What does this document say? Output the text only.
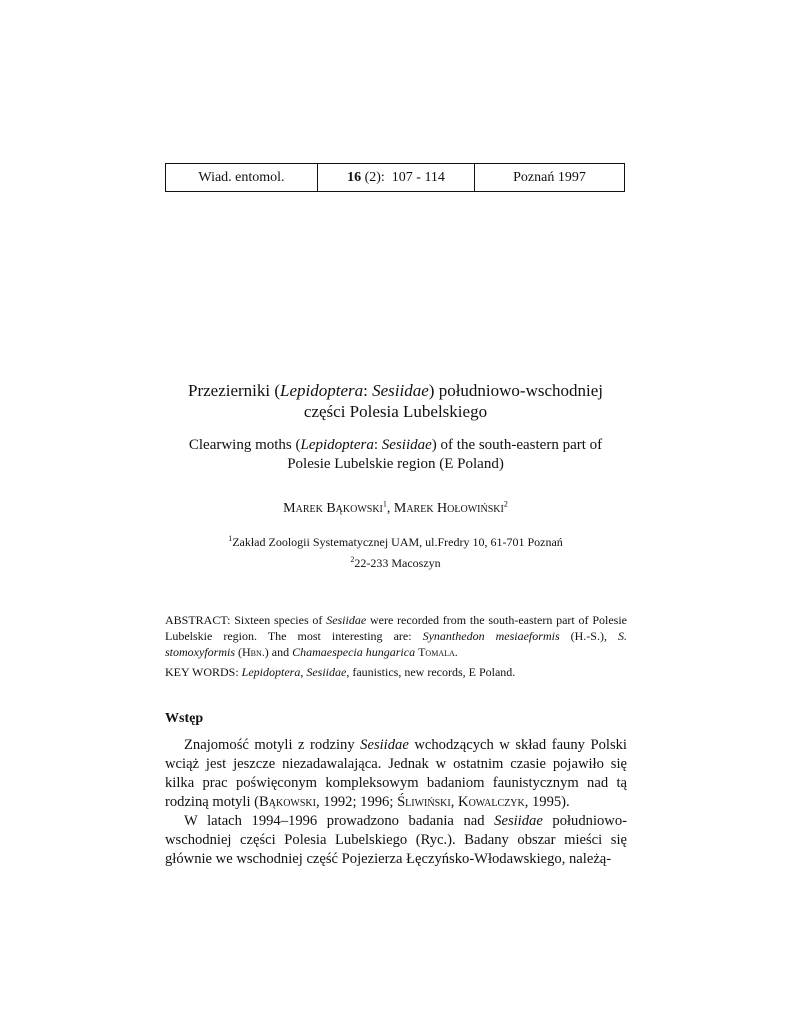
Wiad. entomol.	16 (2):  107 - 114	Poznań 1997
Przezierniki (Lepidoptera: Sesiidae) południowo-wschodniej
części Polesia Lubelskiego
Clearwing moths (Lepidoptera: Sesiidae) of the south-eastern part of
Polesie Lubelskie region (E Poland)
Marek Bąkowski$^1$, Marek Hołowiński$^2$
$^1$Zakład Zoologii Systematycznej UAM, ul.Fredry 10, 61-701 Poznań
$^2$22-233 Macoszyn

ABSTRACT: Sixteen species of Sesiidae were recorded from the south-eastern part of Polesie Lubelskie region. The most interesting are: Synanthedon mesiaeformis (H.-S.), S. stomoxyformis (Hbn.) and Chamaespecia hungarica Tomala.

KEY WORDS: Lepidoptera, Sesiidae, faunistics, new records, E Poland.

Wstęp

Znajomość motyli z rodziny Sesiidae wchodzących w skład fauny Polski wciąż jest jeszcze niezadawalająca. Jednak w ostatnim czasie pojawiło się kilka prac poświęconym kompleksowym badaniom faunistycznym nad tą rodziną motyli (Bąkowski, 1992; 1996; Śliwiński, Kowalczyk, 1995).

W latach 1994–1996 prowadzono badania nad Sesiidae południowo-wschodniej części Polesia Lubelskiego (Ryc.). Badany obszar mieści się głównie we wschodniej część Pojezierza Łęczyńsko-Włodawskiego, należą-
